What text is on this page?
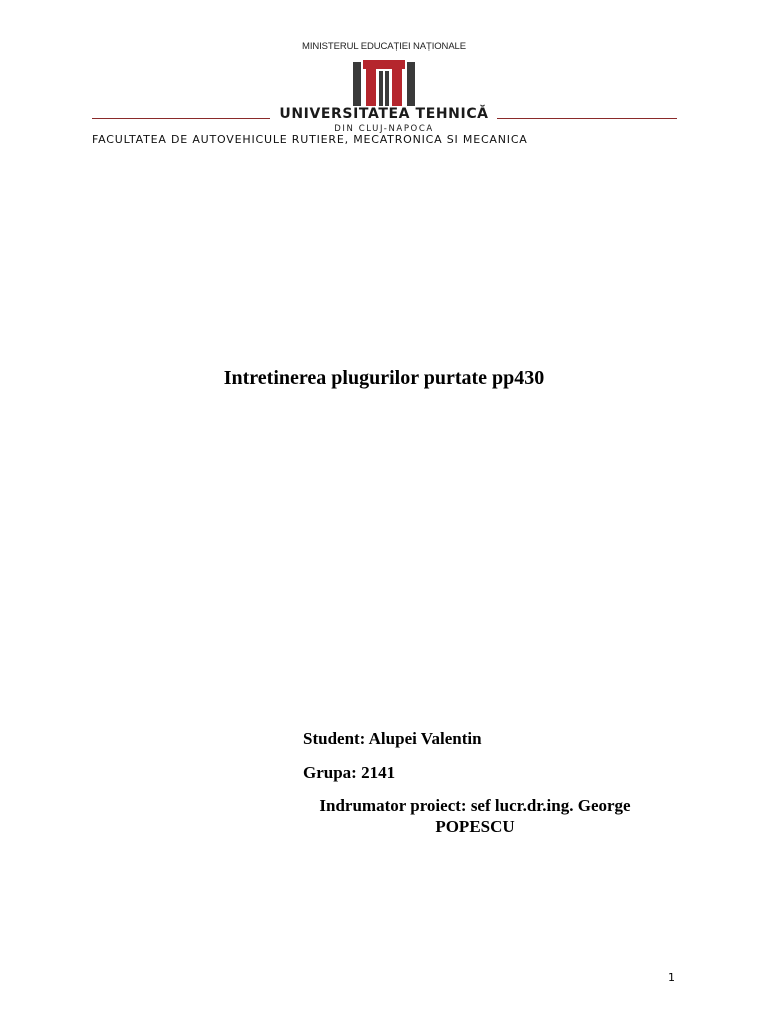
MINISTERUL EDUCAȚIEI NAȚIONALE
UNIVERSITATEA TEHNICĂ
DIN CLUJ-NAPOCA
FACULTATEA DE AUTOVEHICULE RUTIERE, MECATRONICA SI MECANICA
Intretinerea plugurilor purtate pp430
Student: Alupei Valentin
Grupa: 2141
Indrumator proiect: sef lucr.dr.ing. George
POPESCU
1
